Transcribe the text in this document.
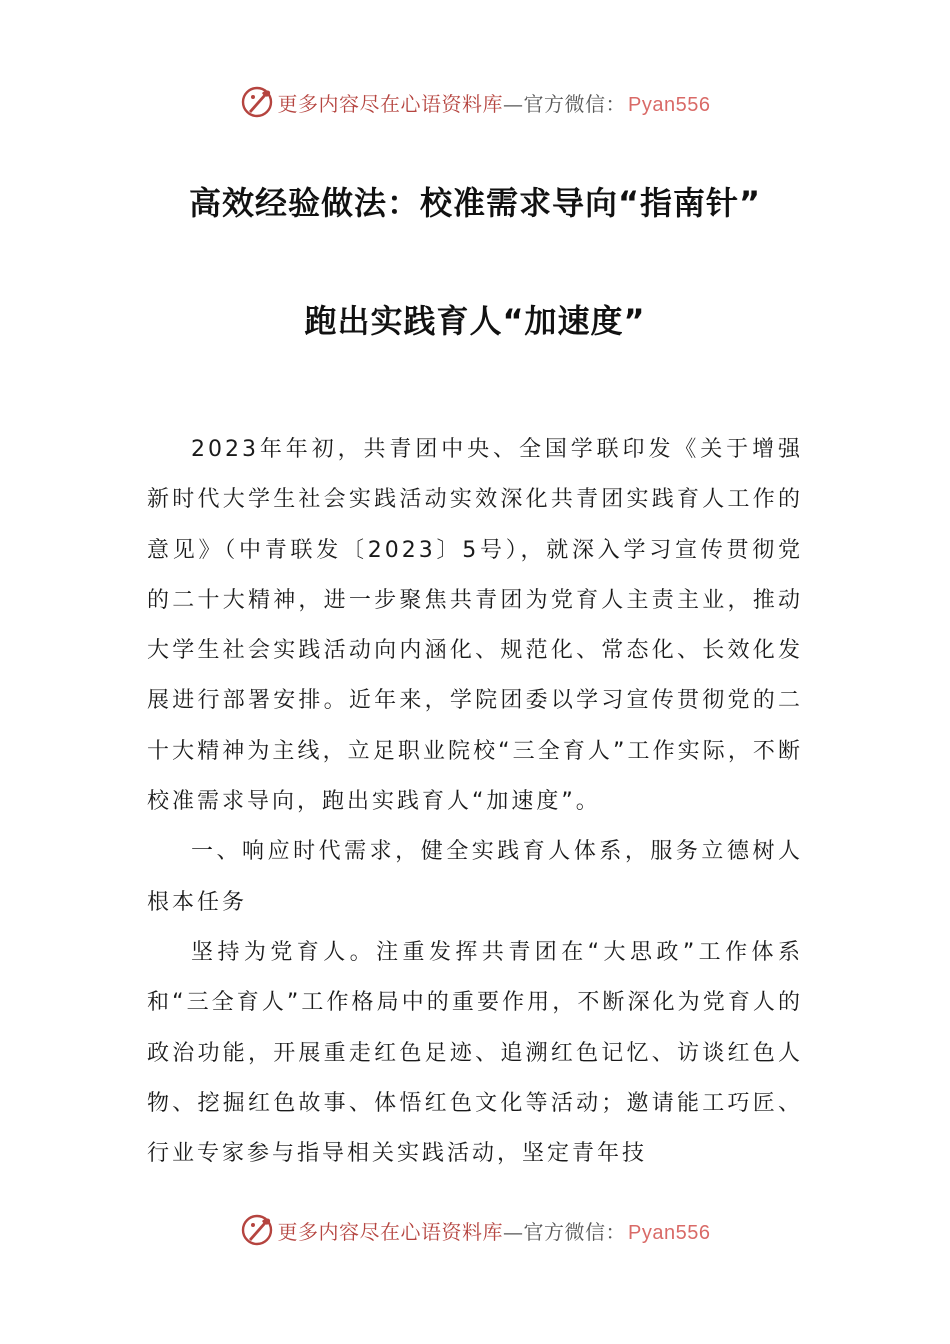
更多内容尽在心语资料库—官方微信： Pyan556
高效经验做法：校准需求导向“指南针”
跑出实践育人“加速度”

2023年年初，共青团中央、全国学联印发《关于增强新时代大学生社会实践活动实效深化共青团实践育人工作的意见》（中青联发〔2023〕5号），就深入学习宣传贯彻党的二十大精神，进一步聚焦共青团为党育人主责主业，推动大学生社会实践活动向内涵化、规范化、常态化、长效化发展进行部署安排。近年来，学院团委以学习宣传贯彻党的二十大精神为主线，立足职业院校“三全育人”工作实际，不断校准需求导向，跑出实践育人“加速度”。

一、响应时代需求，健全实践育人体系，服务立德树人根本任务

坚持为党育人。注重发挥共青团在“大思政”工作体系和“三全育人”工作格局中的重要作用，不断深化为党育人的政治功能，开展重走红色足迹、追溯红色记忆、访谈红色人物、挖掘红色故事、体悟红色文化等活动；邀请能工巧匠、行业专家参与指导相关实践活动，坚定青年技

更多内容尽在心语资料库—官方微信： Pyan556
